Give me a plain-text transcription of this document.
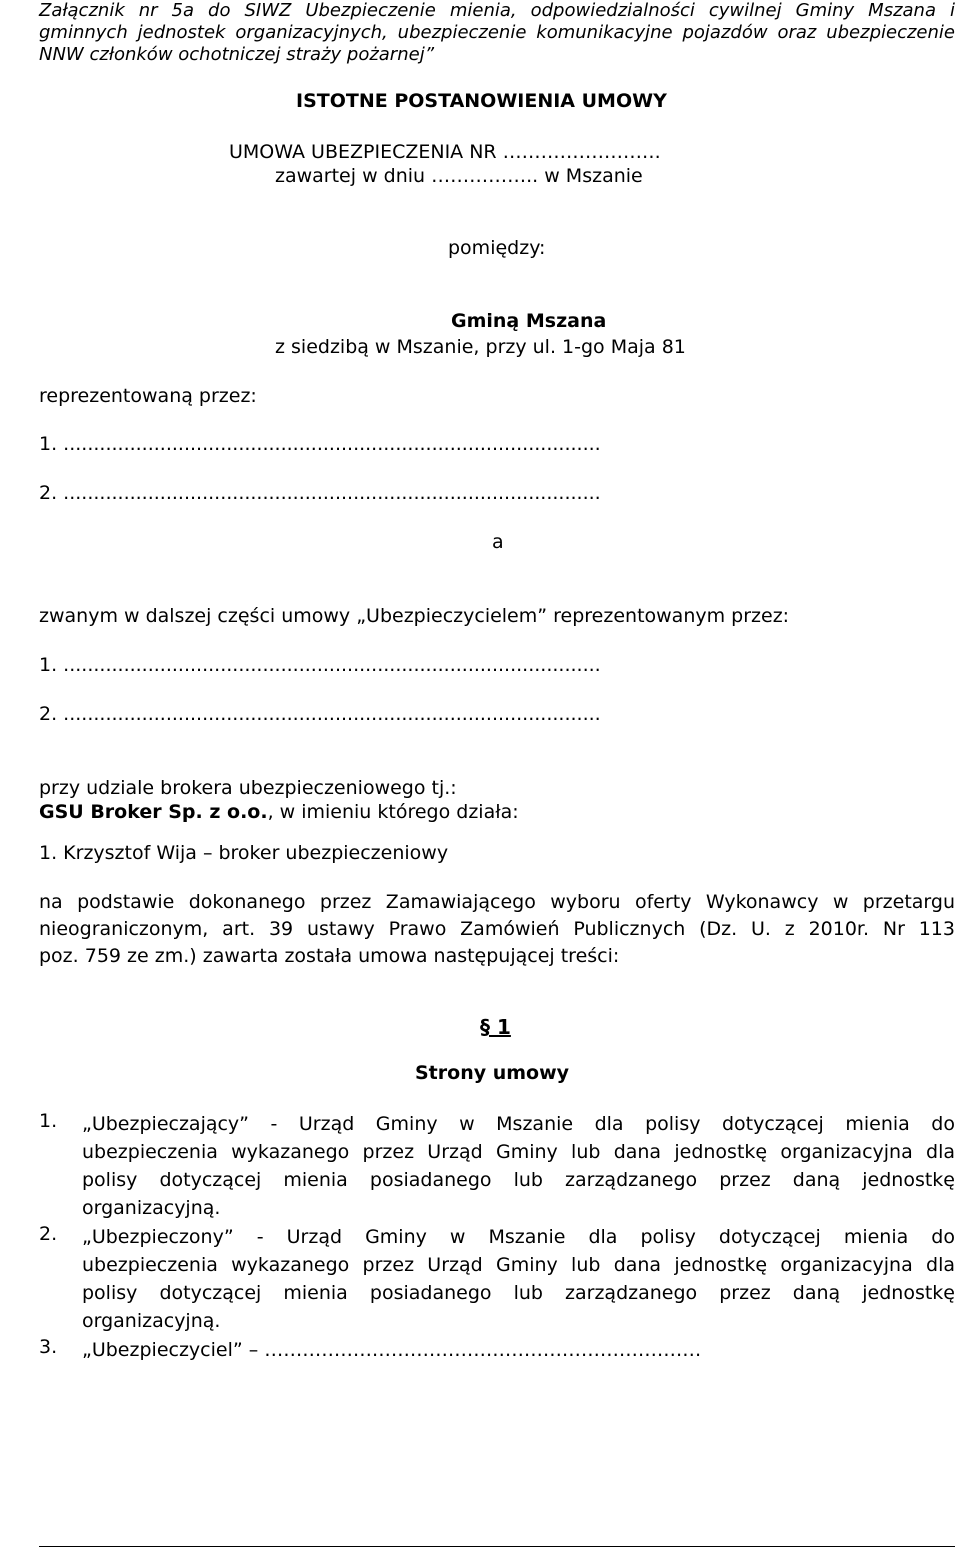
Załącznik nr 5a do SIWZ Ubezpieczenie mienia, odpowiedzialności cywilnej Gminy Mszana i
gminnych jednostek organizacyjnych, ubezpieczenie komunikacyjne pojazdów oraz ubezpieczenie
NNW członków ochotniczej straży pożarnej”
ISTOTNE POSTANOWIENIA UMOWY
UMOWA UBEZPIECZENIA NR …………………….
zawartej w dniu …………….. w Mszanie
pomiędzy:
Gminą Mszana
z siedzibą w Mszanie, przy ul. 1-go Maja 81
reprezentowaną przez:
1. .........................................................................................
2. .........................................................................................
a
zwanym w dalszej części umowy „Ubezpieczycielem” reprezentowanym przez:
1. .........................................................................................
2. .........................................................................................
przy udziale brokera ubezpieczeniowego tj.:
GSU Broker Sp. z o.o., w imieniu którego działa:
1. Krzysztof Wija – broker ubezpieczeniowy
na podstawie dokonanego przez Zamawiającego wyboru oferty Wykonawcy w przetargu
nieograniczonym, art. 39 ustawy Prawo Zamówień Publicznych (Dz. U. z 2010r. Nr 113
poz. 759 ze zm.) zawarta została umowa następującej treści:
§ 1
Strony umowy
1. „Ubezpieczający” - Urząd Gminy w Mszanie dla polisy dotyczącej mienia do
ubezpieczenia wykazanego przez Urząd Gminy lub dana jednostkę organizacyjna dla
polisy dotyczącej mienia posiadanego lub zarządzanego przez daną jednostkę
organizacyjną.
2. „Ubezpieczony” - Urząd Gminy w Mszanie dla polisy dotyczącej mienia do
ubezpieczenia wykazanego przez Urząd Gminy lub dana jednostkę organizacyjna dla
polisy dotyczącej mienia posiadanego lub zarządzanego przez daną jednostkę
organizacyjną.
3. „Ubezpieczyciel” – ……………………………………………………………
